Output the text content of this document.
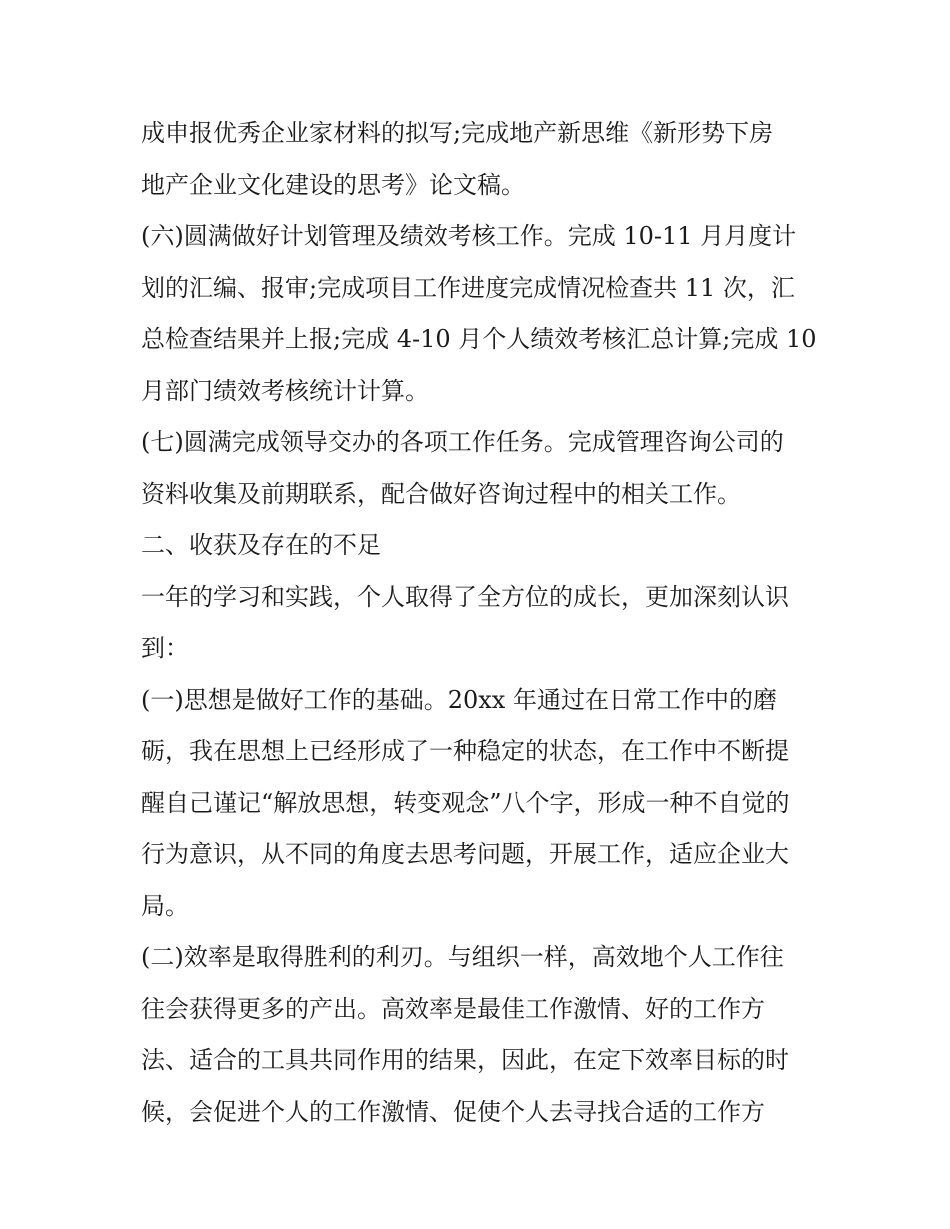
成申报优秀企业家材料的拟写;完成地产新思维《新形势下房
地产企业文化建设的思考》论文稿。
(六)圆满做好计划管理及绩效考核工作。完成 10-11 月月度计
划的汇编、报审;完成项目工作进度完成情况检查共 11 次，汇
总检查结果并上报;完成 4-10 月个人绩效考核汇总计算;完成 10
月部门绩效考核统计计算。
(七)圆满完成领导交办的各项工作任务。完成管理咨询公司的
资料收集及前期联系，配合做好咨询过程中的相关工作。
二、收获及存在的不足
一年的学习和实践，个人取得了全方位的成长，更加深刻认识
到：
(一)思想是做好工作的基础。20xx 年通过在日常工作中的磨
砺，我在思想上已经形成了一种稳定的状态，在工作中不断提
醒自己谨记“解放思想，转变观念”八个字，形成一种不自觉的
行为意识，从不同的角度去思考问题，开展工作，适应企业大
局。
(二)效率是取得胜利的利刃。与组织一样，高效地个人工作往
往会获得更多的产出。高效率是最佳工作激情、好的工作方
法、适合的工具共同作用的结果，因此，在定下效率目标的时
候，会促进个人的工作激情、促使个人去寻找合适的工作方
